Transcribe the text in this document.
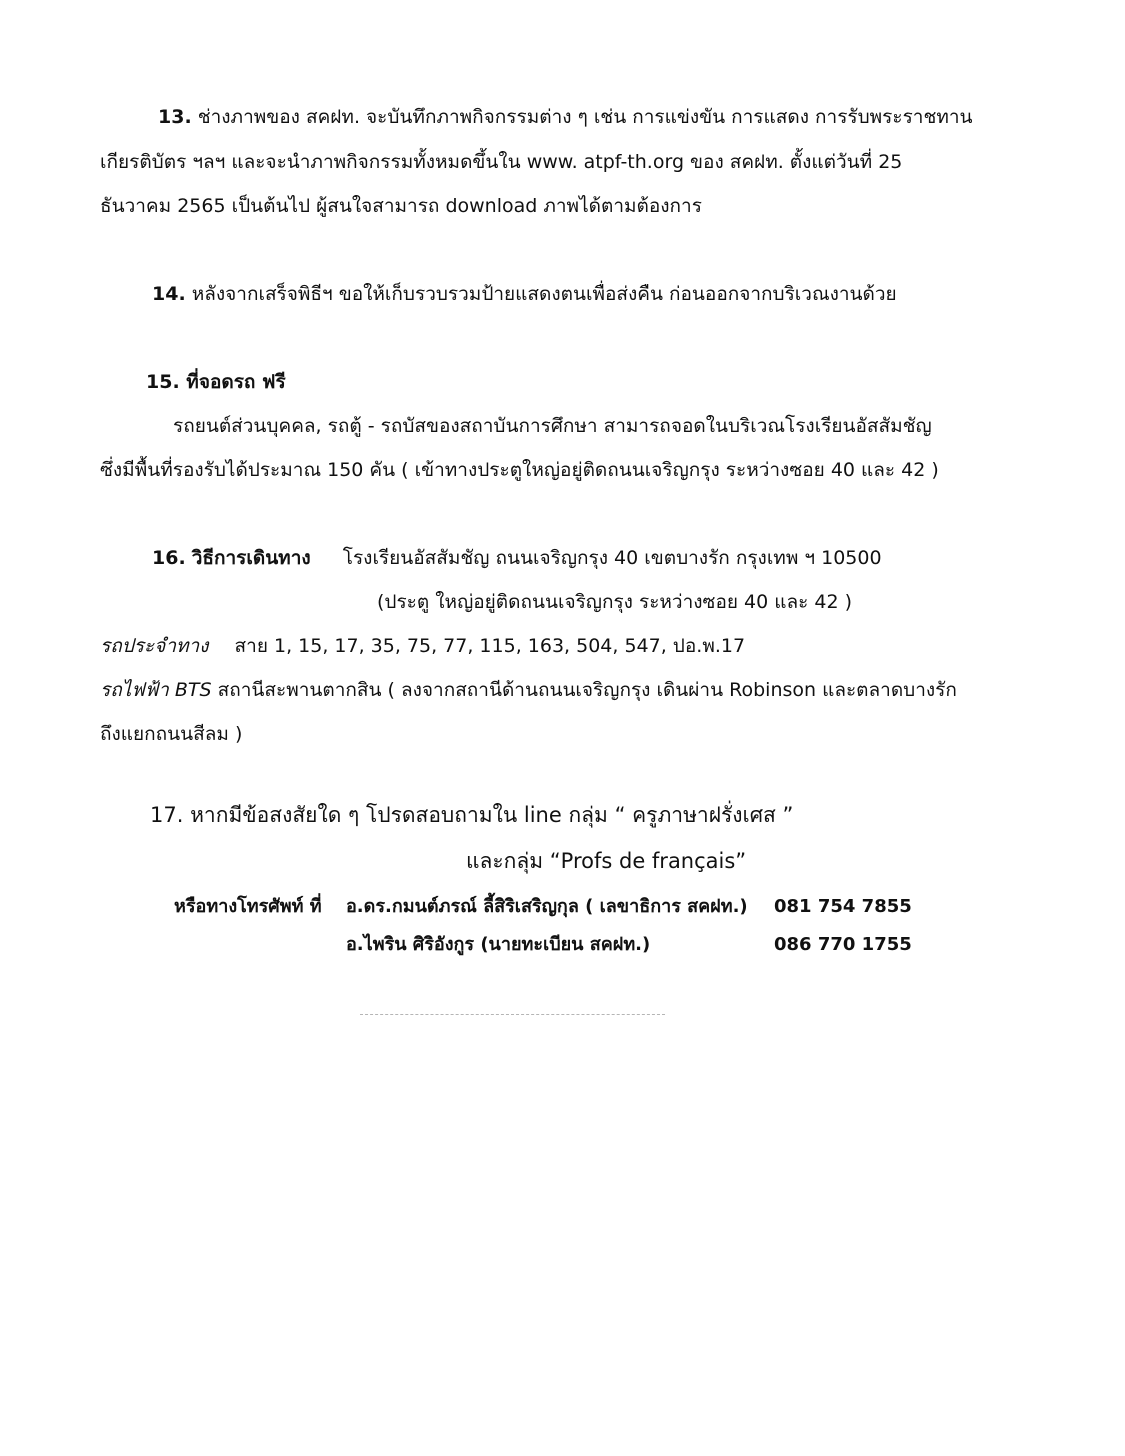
13. ช่างภาพของ สคฝท. จะบันทึกภาพกิจกรรมต่าง ๆ เช่น การแข่งขัน การแสดง การรับพระราชทาน
เกียรติบัตร ฯลฯ และจะนำภาพกิจกรรมทั้งหมดขึ้นใน www. atpf-th.org ของ สคฝท. ตั้งแต่วันที่ 25
ธันวาคม 2565 เป็นต้นไป ผู้สนใจสามารถ download ภาพได้ตามต้องการ
14. หลังจากเสร็จพิธีฯ ขอให้เก็บรวบรวมป้ายแสดงตนเพื่อส่งคืน ก่อนออกจากบริเวณงานด้วย
15. ที่จอดรถ ฟรี
รถยนต์ส่วนบุคคล, รถตู้ - รถบัสของสถาบันการศึกษา สามารถจอดในบริเวณโรงเรียนอัสสัมชัญ
ซึ่งมีพื้นที่รองรับได้ประมาณ 150 คัน ( เข้าทางประตูใหญ่อยู่ติดถนนเจริญกรุง ระหว่างซอย 40 และ 42 )
16. วิธีการเดินทาง โรงเรียนอัสสัมชัญ ถนนเจริญกรุง 40 เขตบางรัก กรุงเทพ ฯ 10500
(ประตู ใหญ่อยู่ติดถนนเจริญกรุง ระหว่างซอย 40 และ 42 )
รถประจำทาง สาย 1, 15, 17, 35, 75, 77, 115, 163, 504, 547, ปอ.พ.17
รถไฟฟ้า BTS สถานีสะพานตากสิน ( ลงจากสถานีด้านถนนเจริญกรุง เดินผ่าน Robinson และตลาดบางรัก
ถึงแยกถนนสีลม )
17. หากมีข้อสงสัยใด ๆ โปรดสอบถามใน line กลุ่ม “ ครูภาษาฝรั่งเศส ”
และกลุ่ม “Profs de français”
หรือทางโทรศัพท์ ที่ อ.ดร.กมนต์ภรณ์ ลี้สิริเสริญกุล ( เลขาธิการ สคฝท.) 081 754 7855
อ.ไพริน ศิริอังกูร (นายทะเบียน สคฝท.)	086 770 1755
